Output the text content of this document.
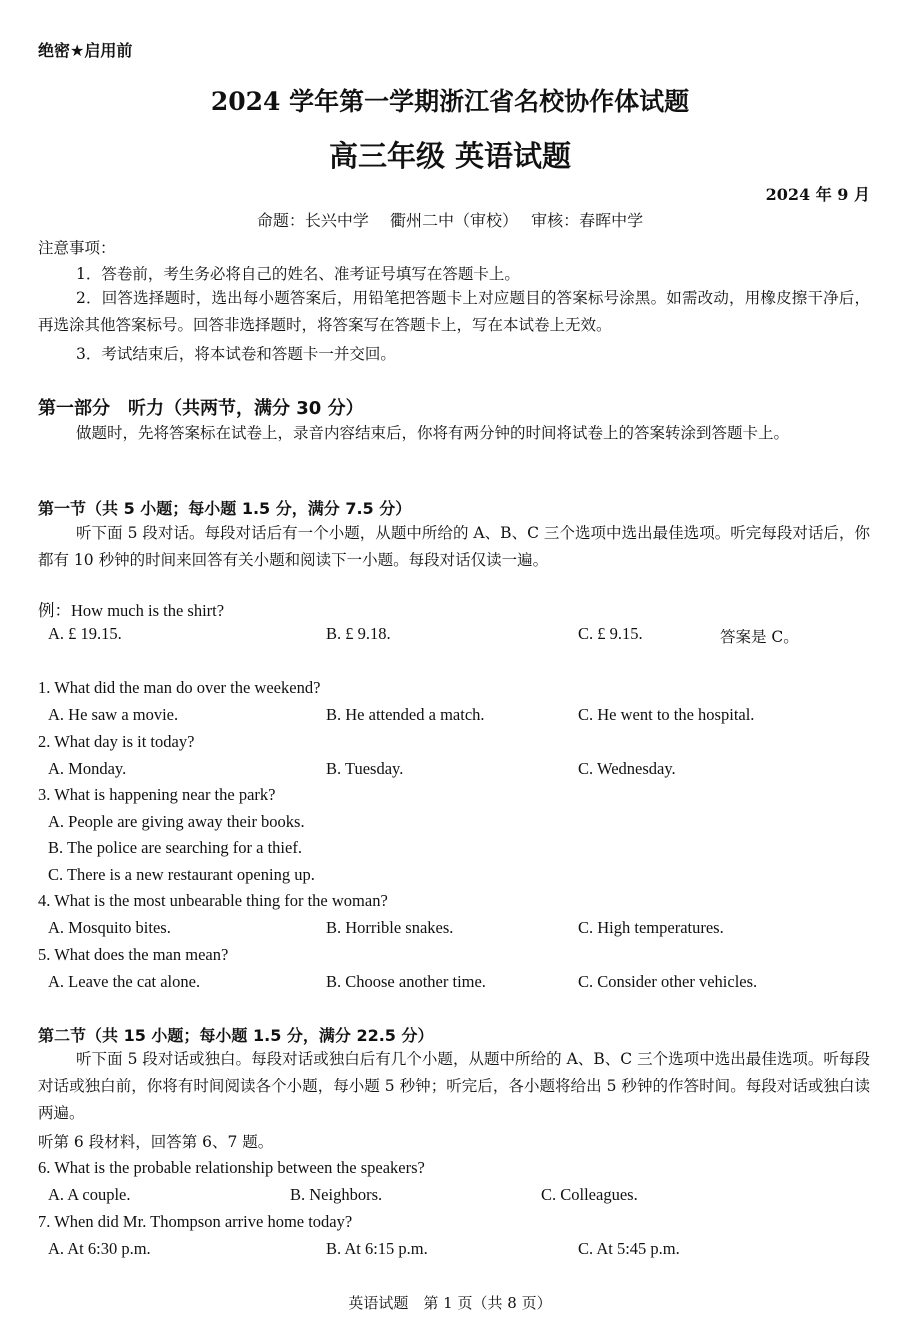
绝密★启用前
2024 学年第一学期浙江省名校协作体试题
高三年级 英语试题
2024 年 9 月
命题：长兴中学　 衢州二中（审校）　 审核：春晖中学
注意事项：
1．答卷前，考生务必将自己的姓名、准考证号填写在答题卡上。
2．回答选择题时，选出每小题答案后，用铅笔把答题卡上对应题目的答案标号涂黑。如需改动，用橡皮擦干净后，再选涂其他答案标号。回答非选择题时，将答案写在答题卡上，写在本试卷上无效。
3．考试结束后，将本试卷和答题卡一并交回。
第一部分　听力（共两节，满分 30 分）
做题时，先将答案标在试卷上，录音内容结束后，你将有两分钟的时间将试卷上的答案转涂到答题卡上。
第一节（共 5 小题；每小题 1.5 分，满分 7.5 分）
听下面 5 段对话。每段对话后有一个小题，从题中所给的 A、B、C 三个选项中选出最佳选项。听完每段对话后，你都有 10 秒钟的时间来回答有关小题和阅读下一小题。每段对话仅读一遍。
例：How much is the shirt?
A. £ 19.15.	B. £ 9.18.	C. £ 9.15.	答案是 C。
1. What did the man do over the weekend?
A. He saw a movie.	B. He attended a match.	C. He went to the hospital.
2. What day is it today?
A. Monday.	B. Tuesday.	C. Wednesday.
3. What is happening near the park?
A. People are giving away their books.
B. The police are searching for a thief.
C. There is a new restaurant opening up.
4. What is the most unbearable thing for the woman?
A. Mosquito bites.	B. Horrible snakes.	C. High temperatures.
5. What does the man mean?
A. Leave the cat alone.	B. Choose another time.	C. Consider other vehicles.
第二节（共 15 小题；每小题 1.5 分，满分 22.5 分）
听下面 5 段对话或独白。每段对话或独白后有几个小题，从题中所给的 A、B、C 三个选项中选出最佳选项。听每段对话或独白前，你将有时间阅读各个小题，每小题 5 秒钟；听完后，各小题将给出 5 秒钟的作答时间。每段对话或独白读两遍。
听第 6 段材料，回答第 6、7 题。
6. What is the probable relationship between the speakers?
A. A couple.	B. Neighbors.	C. Colleagues.
7. When did Mr. Thompson arrive home today?
A. At 6:30 p.m.	B. At 6:15 p.m.	C. At 5:45 p.m.
英语试题　第 1 页（共 8 页）
